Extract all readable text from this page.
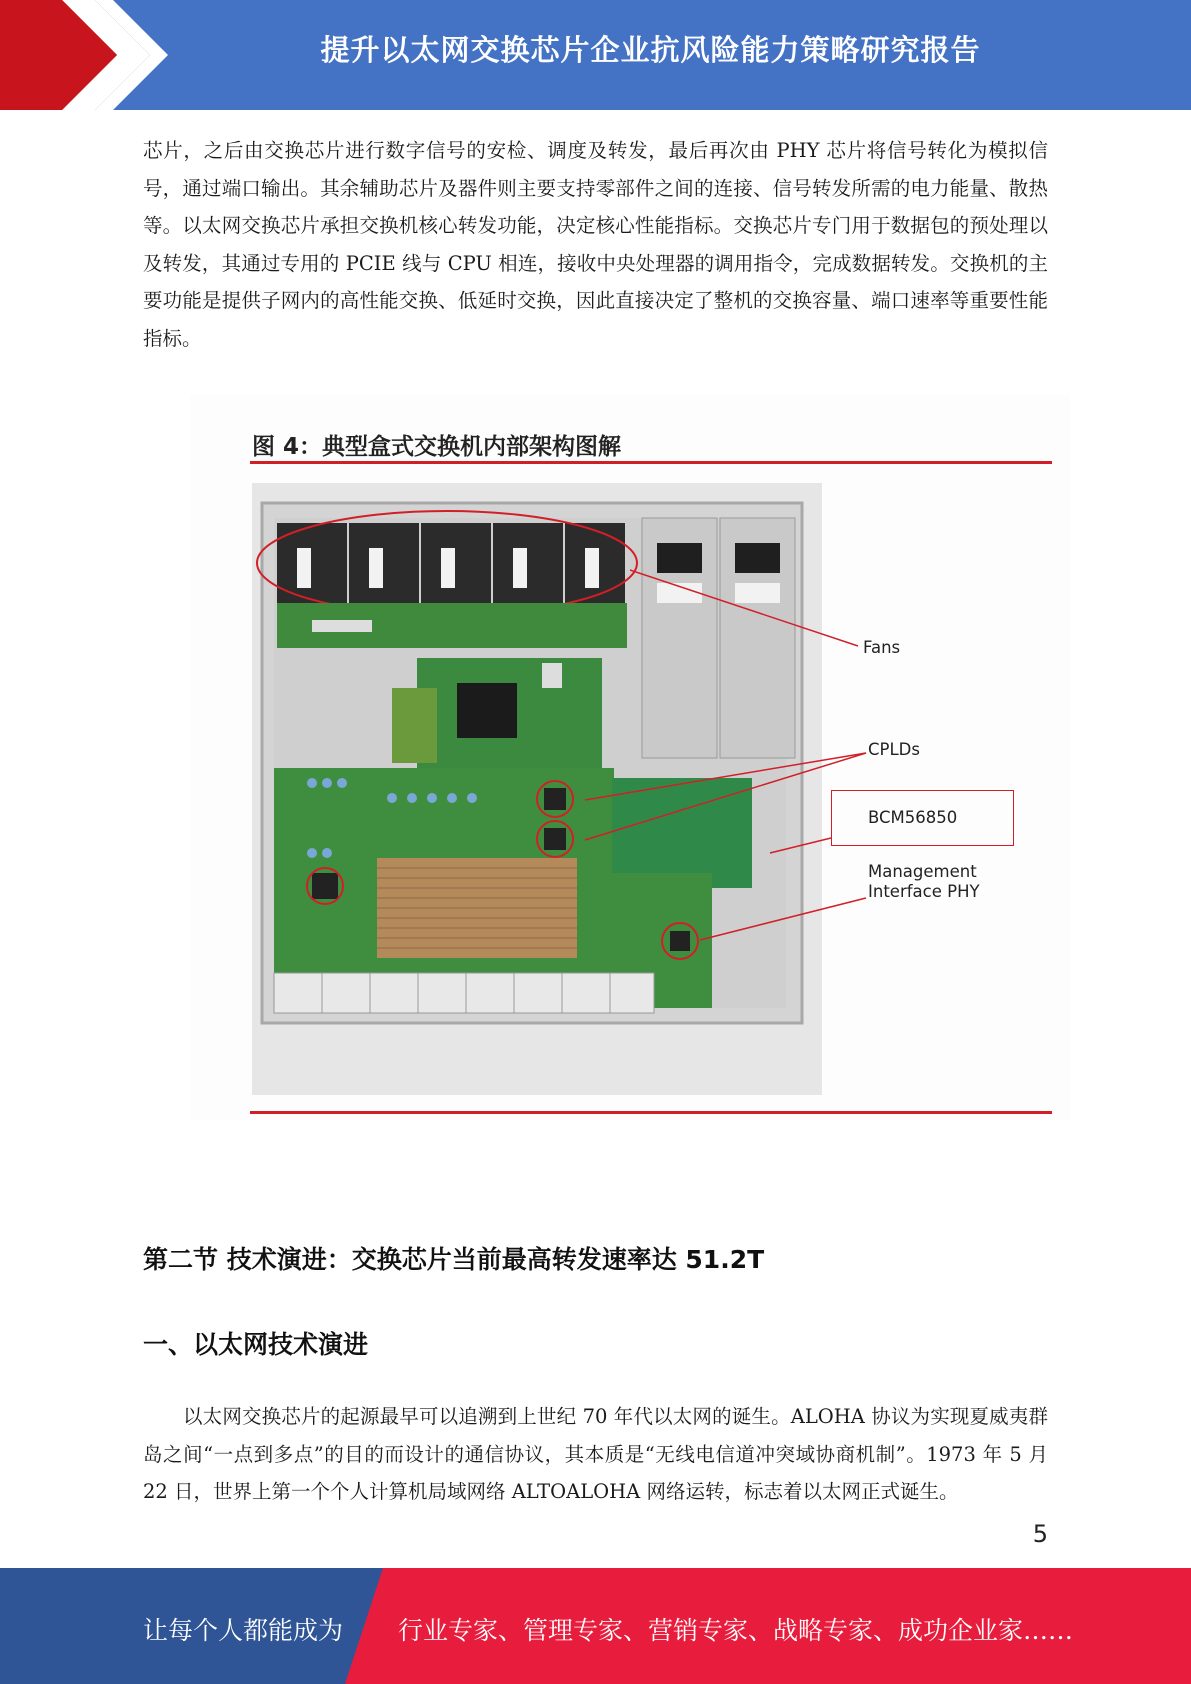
提升以太网交换芯片企业抗风险能力策略研究报告

芯片，之后由交换芯片进行数字信号的安检、调度及转发，最后再次由 PHY 芯片将信号转化为模拟信号，通过端口输出。其余辅助芯片及器件则主要支持零部件之间的连接、信号转发所需的电力能量、散热等。以太网交换芯片承担交换机核心转发功能，决定核心性能指标。交换芯片专门用于数据包的预处理以及转发，其通过专用的 PCIE 线与 CPU 相连，接收中央处理器的调用指令，完成数据转发。交换机的主要功能是提供子网内的高性能交换、低延时交换，因此直接决定了整机的交换容量、端口速率等重要性能指标。

图 4：典型盒式交换机内部架构图解
Fans
CPLDs
BCM56850
Management
Interface PHY
第二节 技术演进：交换芯片当前最高转发速率达 51.2T
一、以太网技术演进

以太网交换芯片的起源最早可以追溯到上世纪 70 年代以太网的诞生。ALOHA 协议为实现夏威夷群岛之间“一点到多点”的目的而设计的通信协议，其本质是“无线电信道冲突域协商机制”。1973 年 5 月 22 日，世界上第一个个人计算机局域网络 ALTOALOHA 网络运转，标志着以太网正式诞生。

5
让每个人都能成为 行业专家、管理专家、营销专家、战略专家、成功企业家……
